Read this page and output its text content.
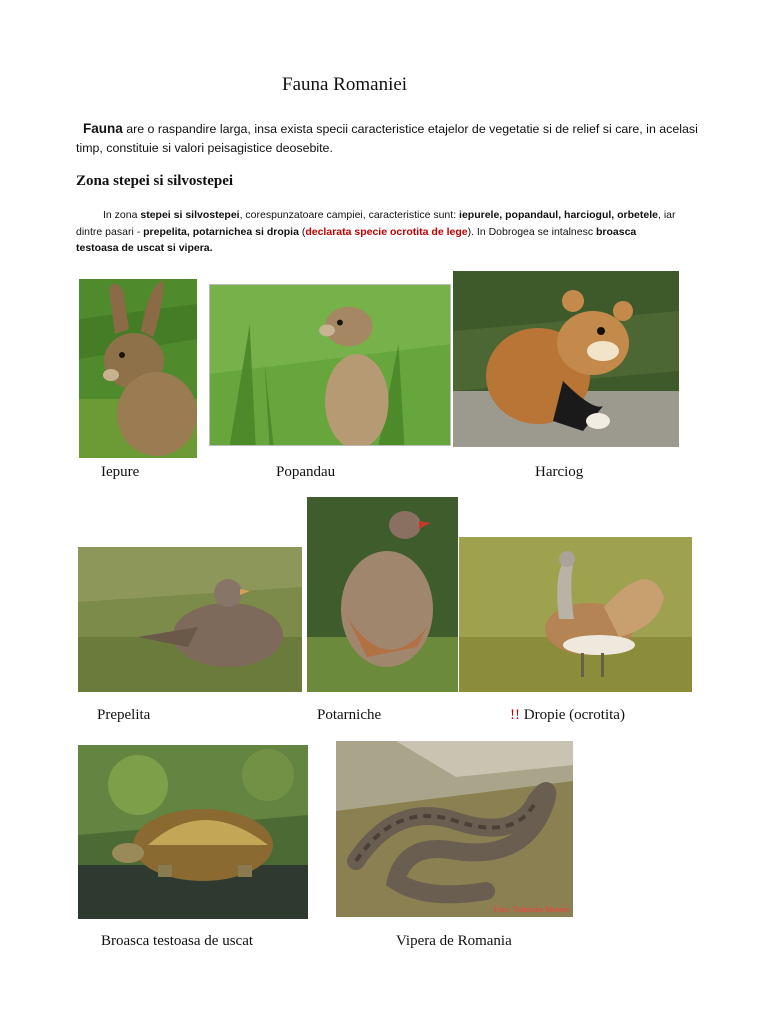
Fauna Romaniei
Fauna are o raspandire larga, insa exista specii caracteristice etajelor de vegetatie si de relief si care, in acelasi timp, constituie si valori peisagistice deosebite.
Zona stepei si silvostepei
In zona stepei si silvostepei, corespunzatoare campiei, caracteristice sunt: iepurele, popandaul, harciogul, orbetele, iar dintre pasari - prepelita, potarnichea si dropia (declarata specie ocrotita de lege). In Dobrogea se intalnesc broasca testoasa de uscat si vipera.
Iepure	Popandau	Harciog
Prepelita	Potarniche	!! Dropie (ocrotita)
Foto: Valentina Moraru
Broasca testoasa de uscat	Vipera de Romania
